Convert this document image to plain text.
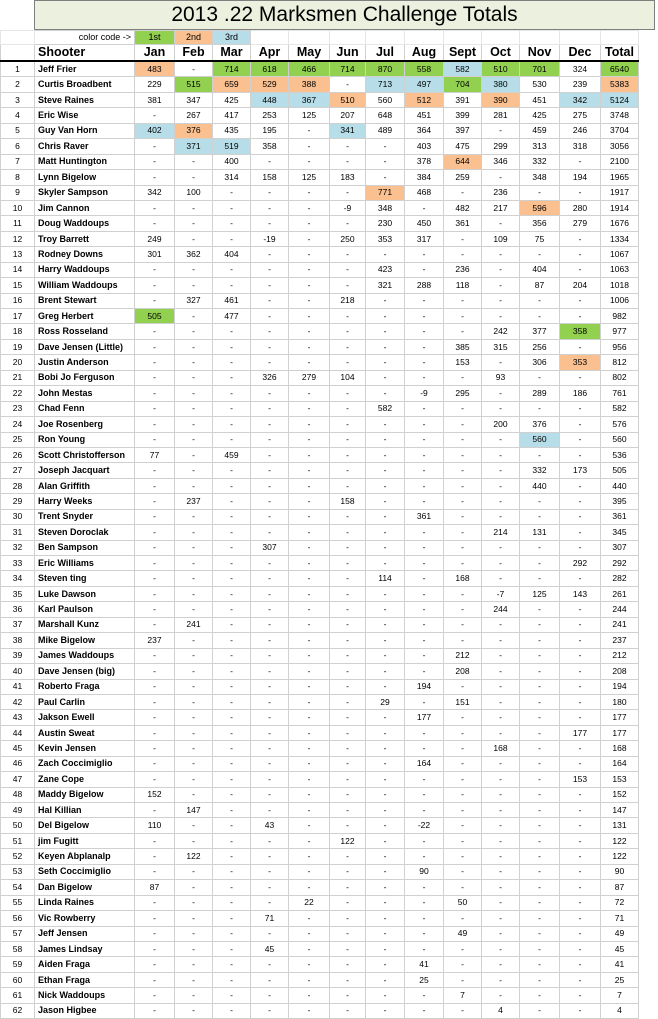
2013 .22 Marksmen Challenge Totals
	color code ->	1st	2nd	3rd										
	Shooter	Jan	Feb	Mar	Apr	May	Jun	Jul	Aug	Sept	Oct	Nov	Dec	Total
1	Jeff Frier	483	-	714	618	466	714	870	558	582	510	701	324	6540
2	Curtis Broadbent	229	515	659	529	388	-	713	497	704	380	530	239	5383
3	Steve Raines	381	347	425	448	367	510	560	512	391	390	451	342	5124
4	Eric Wise	-	267	417	253	125	207	648	451	399	281	425	275	3748
5	Guy Van Horn	402	376	435	195	-	341	489	364	397	-	459	246	3704
6	Chris Raver	-	371	519	358	-	-	-	403	475	299	313	318	3056
7	Matt Huntington	-	-	400	-	-	-	-	378	644	346	332	-	2100
8	Lynn Bigelow	-	-	314	158	125	183	-	384	259	-	348	194	1965
9	Skyler Sampson	342	100	-	-	-	-	771	468	-	236	-	-	1917
10	Jim Cannon	-	-	-	-	-	-9	348	-	482	217	596	280	1914
11	Doug Waddoups	-	-	-	-	-	-	230	450	361	-	356	279	1676
12	Troy Barrett	249	-	-	-19	-	250	353	317	-	109	75	-	1334
13	Rodney Downs	301	362	404	-	-	-	-	-	-	-	-	-	1067
14	Harry Waddoups	-	-	-	-	-	-	423	-	236	-	404	-	1063
15	William Waddoups	-	-	-	-	-	-	321	288	118	-	87	204	1018
16	Brent Stewart	-	327	461	-	-	218	-	-	-	-	-	-	1006
17	Greg Herbert	505	-	477	-	-	-	-	-	-	-	-	-	982
18	Ross Rosseland	-	-	-	-	-	-	-	-	-	242	377	358	977
19	Dave Jensen (Little)	-	-	-	-	-	-	-	-	385	315	256	-	956
20	Justin Anderson	-	-	-	-	-	-	-	-	153	-	306	353	812
21	Bobi Jo Ferguson	-	-	-	326	279	104	-	-	-	93	-	-	802
22	John Mestas	-	-	-	-	-	-	-	-9	295	-	289	186	761
23	Chad Fenn	-	-	-	-	-	-	582	-	-	-	-	-	582
24	Joe Rosenberg	-	-	-	-	-	-	-	-	-	200	376	-	576
25	Ron Young	-	-	-	-	-	-	-	-	-	-	560	-	560
26	Scott Christofferson	77	-	459	-	-	-	-	-	-	-	-	-	536
27	Joseph Jacquart	-	-	-	-	-	-	-	-	-	-	332	173	505
28	Alan Griffith	-	-	-	-	-	-	-	-	-	-	440	-	440
29	Harry Weeks	-	237	-	-	-	158	-	-	-	-	-	-	395
30	Trent Snyder	-	-	-	-	-	-	-	361	-	-	-	-	361
31	Steven Doroclak	-	-	-	-	-	-	-	-	-	214	131	-	345
32	Ben Sampson	-	-	-	307	-	-	-	-	-	-	-	-	307
33	Eric Williams	-	-	-	-	-	-	-	-	-	-	-	292	292
34	Steven ting	-	-	-	-	-	-	114	-	168	-	-	-	282
35	Luke Dawson	-	-	-	-	-	-	-	-	-	-7	125	143	261
36	Karl Paulson	-	-	-	-	-	-	-	-	-	244	-	-	244
37	Marshall Kunz	-	241	-	-	-	-	-	-	-	-	-	-	241
38	Mike Bigelow	237	-	-	-	-	-	-	-	-	-	-	-	237
39	James Waddoups	-	-	-	-	-	-	-	-	212	-	-	-	212
40	Dave Jensen (big)	-	-	-	-	-	-	-	-	208	-	-	-	208
41	Roberto Fraga	-	-	-	-	-	-	-	194	-	-	-	-	194
42	Paul Carlin	-	-	-	-	-	-	29	-	151	-	-	-	180
43	Jakson Ewell	-	-	-	-	-	-	-	177	-	-	-	-	177
44	Austin Sweat	-	-	-	-	-	-	-	-	-	-	-	177	177
45	Kevin Jensen	-	-	-	-	-	-	-	-	-	168	-	-	168
46	Zach Coccimiglio	-	-	-	-	-	-	-	164	-	-	-	-	164
47	Zane Cope	-	-	-	-	-	-	-	-	-	-	-	153	153
48	Maddy Bigelow	152	-	-	-	-	-	-	-	-	-	-	-	152
49	Hal Killian	-	147	-	-	-	-	-	-	-	-	-	-	147
50	Del Bigelow	110	-	-	43	-	-	-	-22	-	-	-	-	131
51	jim Fugitt	-	-	-	-	-	122	-	-	-	-	-	-	122
52	Keyen Abplanalp	-	122	-	-	-	-	-	-	-	-	-	-	122
53	Seth Coccimiglio	-	-	-	-	-	-	-	90	-	-	-	-	90
54	Dan Bigelow	87	-	-	-	-	-	-	-	-	-	-	-	87
55	Linda Raines	-	-	-	-	22	-	-	-	50	-	-	-	72
56	Vic Rowberry	-	-	-	71	-	-	-	-	-	-	-	-	71
57	Jeff Jensen	-	-	-	-	-	-	-	-	49	-	-	-	49
58	James Lindsay	-	-	-	45	-	-	-	-	-	-	-	-	45
59	Aiden Fraga	-	-	-	-	-	-	-	41	-	-	-	-	41
60	Ethan Fraga	-	-	-	-	-	-	-	25	-	-	-	-	25
61	Nick Waddoups	-	-	-	-	-	-	-	-	7	-	-	-	7
62	Jason Higbee	-	-	-	-	-	-	-	-	-	4	-	-	4
